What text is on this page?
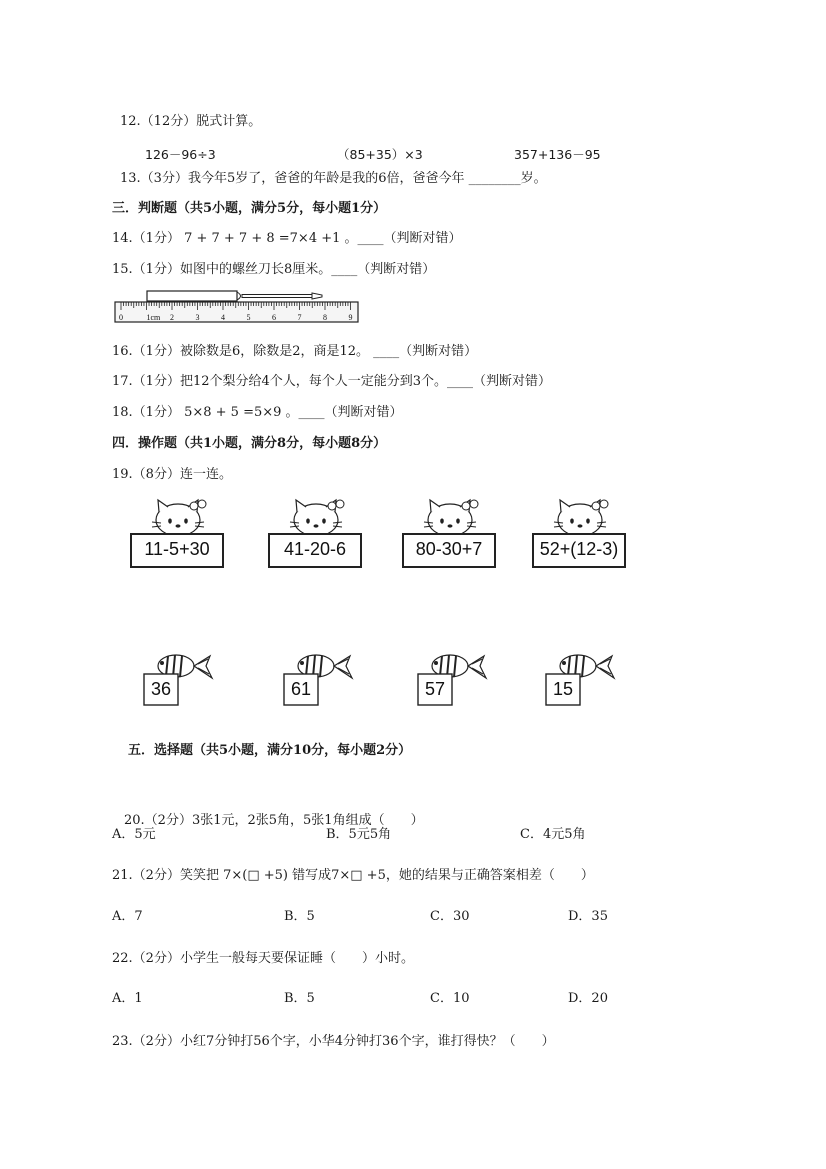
12.（12分）脱式计算。
126－96÷3	（85+35）×3	357+136－95
13.（3分）我今年5岁了，爸爸的年龄是我的6倍，爸爸今年 ________岁。
三．判断题（共5小题，满分5分，每小题1分）
14.（1分） 7 + 7 + 7 + 8 =7×4 +1 。____（判断对错）
15.（1分）如图中的螺丝刀长8厘米。____（判断对错）
0	1cm 2	3	4	5	6	7	8	9
16.（1分）被除数是6，除数是2，商是12。 ____（判断对错）
17.（1分）把12个梨分给4个人，每个人一定能分到3个。____（判断对错）
18.（1分） 5×8 + 5 =5×9 。____（判断对错）
四．操作题（共1小题，满分8分，每小题8分）
19.（8分）连一连。
11-5+30	41-20-6	80-30+7	52+(12-3)
36	61	57	15
五．选择题（共5小题，满分10分，每小题2分）
20.（2分）3张1元，2张5角，5张1角组成（　　）
A．5元	B．5元5角	C．4元5角
21.（2分）笑笑把 7×(□ +5) 错写成7×□ +5，她的结果与正确答案相差（　　）
A．7	B．5	C．30	D．35
22.（2分）小学生一般每天要保证睡（　　）小时。
A．1	B．5	C．10	D．20
23.（2分）小红7分钟打56个字，小华4分钟打36个字，谁打得快？（　　）
